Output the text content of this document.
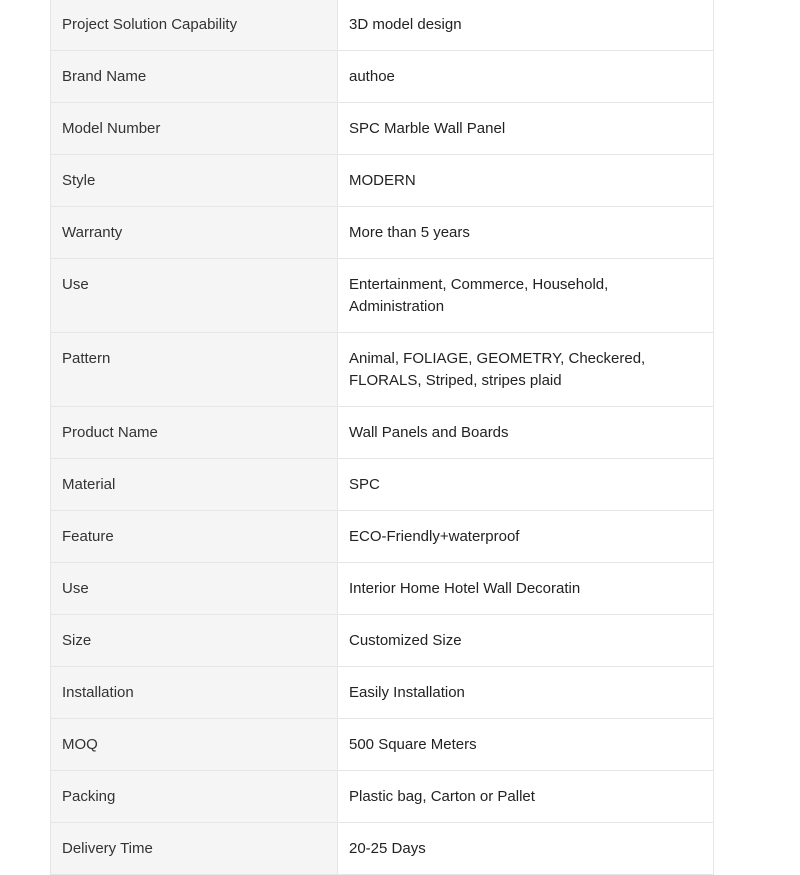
Project Solution Capability	3D model design
Brand Name	authoe
Model Number	SPC Marble Wall Panel
Style	MODERN
Warranty	More than 5 years
Use	Entertainment, Commerce, Household, Administration
Pattern	Animal, FOLIAGE, GEOMETRY, Checkered, FLORALS, Striped, stripes plaid
Product Name	Wall Panels and Boards
Material	SPC
Feature	ECO-Friendly+waterproof
Use	Interior Home Hotel Wall Decoratin
Size	Customized Size
Installation	Easily Installation
MOQ	500 Square Meters
Packing	Plastic bag, Carton or Pallet
Delivery Time	20-25 Days
